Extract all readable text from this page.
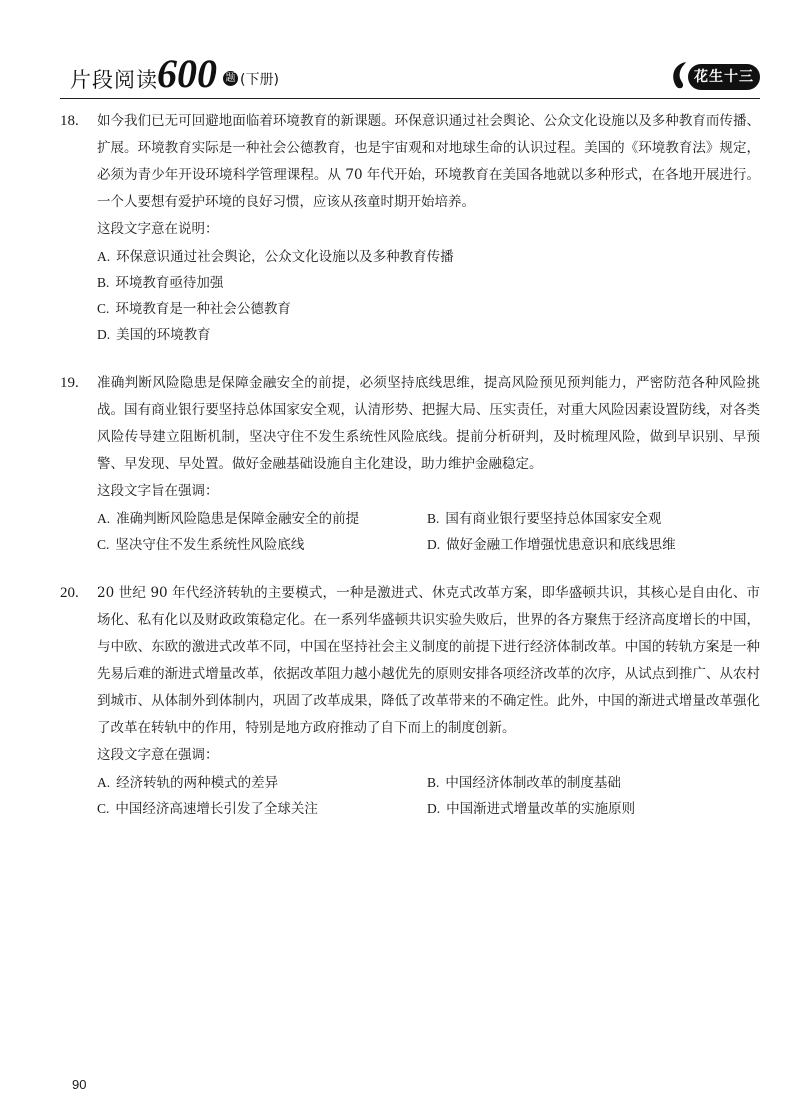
片段阅读 600 题 (下册)	花生十三
18. 如今我们已无可回避地面临着环境教育的新课题。环保意识通过社会舆论、公众文化设施以及多种教育而传播、扩展。环境教育实际是一种社会公德教育，也是宇宙观和对地球生命的认识过程。美国的《环境教育法》规定，必须为青少年开设环境科学管理课程。从 70 年代开始，环境教育在美国各地就以多种形式，在各地开展进行。一个人要想有爱护环境的良好习惯，应该从孩童时期开始培养。
这段文字意在说明：
A. 环保意识通过社会舆论，公众文化设施以及多种教育传播
B. 环境教育亟待加强
C. 环境教育是一种社会公德教育
D. 美国的环境教育
19. 准确判断风险隐患是保障金融安全的前提，必须坚持底线思维，提高风险预见预判能力，严密防范各种风险挑战。国有商业银行要坚持总体国家安全观，认清形势、把握大局、压实责任，对重大风险因素设置防线，对各类风险传导建立阻断机制，坚决守住不发生系统性风险底线。提前分析研判，及时梳理风险，做到早识别、早预警、早发现、早处置。做好金融基础设施自主化建设，助力维护金融稳定。
这段文字旨在强调：
A. 准确判断风险隐患是保障金融安全的前提	B. 国有商业银行要坚持总体国家安全观
C. 坚决守住不发生系统性风险底线	D. 做好金融工作增强忧患意识和底线思维
20. 20 世纪 90 年代经济转轨的主要模式，一种是激进式、休克式改革方案，即华盛顿共识，其核心是自由化、市场化、私有化以及财政政策稳定化。在一系列华盛顿共识实验失败后，世界的各方聚焦于经济高度增长的中国，与中欧、东欧的激进式改革不同，中国在坚持社会主义制度的前提下进行经济体制改革。中国的转轨方案是一种先易后难的渐进式增量改革，依据改革阻力越小越优先的原则安排各项经济改革的次序，从试点到推广、从农村到城市、从体制外到体制内，巩固了改革成果，降低了改革带来的不确定性。此外，中国的渐进式增量改革强化了改革在转轨中的作用，特别是地方政府推动了自下而上的制度创新。
这段文字意在强调：
A. 经济转轨的两种模式的差异	B. 中国经济体制改革的制度基础
C. 中国经济高速增长引发了全球关注	D. 中国渐进式增量改革的实施原则
90
